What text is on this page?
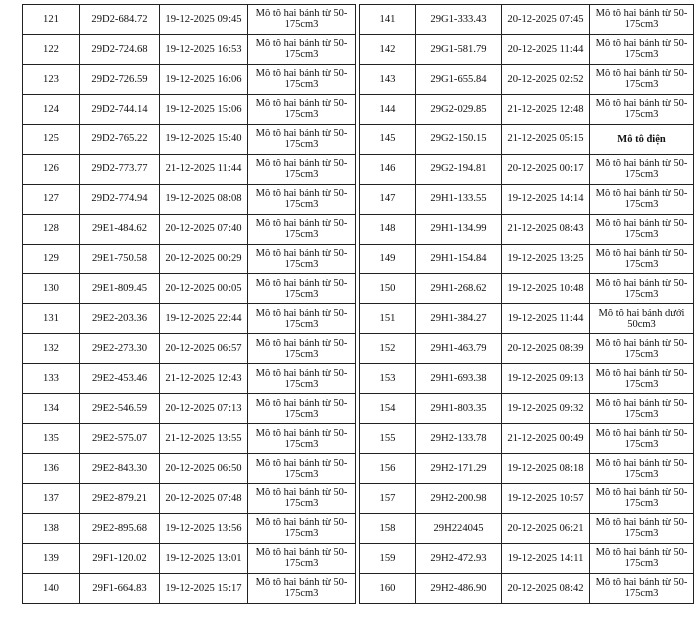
121	29D2-684.72	19-12-2025 09:45	Mô tô hai bánh từ 50-175cm3
122	29D2-724.68	19-12-2025 16:53	Mô tô hai bánh từ 50-175cm3
123	29D2-726.59	19-12-2025 16:06	Mô tô hai bánh từ 50-175cm3
124	29D2-744.14	19-12-2025 15:06	Mô tô hai bánh từ 50-175cm3
125	29D2-765.22	19-12-2025 15:40	Mô tô hai bánh từ 50-175cm3
126	29D2-773.77	21-12-2025 11:44	Mô tô hai bánh từ 50-175cm3
127	29D2-774.94	19-12-2025 08:08	Mô tô hai bánh từ 50-175cm3
128	29E1-484.62	20-12-2025 07:40	Mô tô hai bánh từ 50-175cm3
129	29E1-750.58	20-12-2025 00:29	Mô tô hai bánh từ 50-175cm3
130	29E1-809.45	20-12-2025 00:05	Mô tô hai bánh từ 50-175cm3
131	29E2-203.36	19-12-2025 22:44	Mô tô hai bánh từ 50-175cm3
132	29E2-273.30	20-12-2025 06:57	Mô tô hai bánh từ 50-175cm3
133	29E2-453.46	21-12-2025 12:43	Mô tô hai bánh từ 50-175cm3
134	29E2-546.59	20-12-2025 07:13	Mô tô hai bánh từ 50-175cm3
135	29E2-575.07	21-12-2025 13:55	Mô tô hai bánh từ 50-175cm3
136	29E2-843.30	20-12-2025 06:50	Mô tô hai bánh từ 50-175cm3
137	29E2-879.21	20-12-2025 07:48	Mô tô hai bánh từ 50-175cm3
138	29E2-895.68	19-12-2025 13:56	Mô tô hai bánh từ 50-175cm3
139	29F1-120.02	19-12-2025 13:01	Mô tô hai bánh từ 50-175cm3
140	29F1-664.83	19-12-2025 15:17	Mô tô hai bánh từ 50-175cm3
141	29G1-333.43	20-12-2025 07:45	Mô tô hai bánh từ 50-175cm3
142	29G1-581.79	20-12-2025 11:44	Mô tô hai bánh từ 50-175cm3
143	29G1-655.84	20-12-2025 02:52	Mô tô hai bánh từ 50-175cm3
144	29G2-029.85	21-12-2025 12:48	Mô tô hai bánh từ 50-175cm3
145	29G2-150.15	21-12-2025 05:15	Mô tô điện
146	29G2-194.81	20-12-2025 00:17	Mô tô hai bánh từ 50-175cm3
147	29H1-133.55	19-12-2025 14:14	Mô tô hai bánh từ 50-175cm3
148	29H1-134.99	21-12-2025 08:43	Mô tô hai bánh từ 50-175cm3
149	29H1-154.84	19-12-2025 13:25	Mô tô hai bánh từ 50-175cm3
150	29H1-268.62	19-12-2025 10:48	Mô tô hai bánh từ 50-175cm3
151	29H1-384.27	19-12-2025 11:44	Mô tô hai bánh dưới 50cm3
152	29H1-463.79	20-12-2025 08:39	Mô tô hai bánh từ 50-175cm3
153	29H1-693.38	19-12-2025 09:13	Mô tô hai bánh từ 50-175cm3
154	29H1-803.35	19-12-2025 09:32	Mô tô hai bánh từ 50-175cm3
155	29H2-133.78	21-12-2025 00:49	Mô tô hai bánh từ 50-175cm3
156	29H2-171.29	19-12-2025 08:18	Mô tô hai bánh từ 50-175cm3
157	29H2-200.98	19-12-2025 10:57	Mô tô hai bánh từ 50-175cm3
158	29H224045	20-12-2025 06:21	Mô tô hai bánh từ 50-175cm3
159	29H2-472.93	19-12-2025 14:11	Mô tô hai bánh từ 50-175cm3
160	29H2-486.90	20-12-2025 08:42	Mô tô hai bánh từ 50-175cm3
